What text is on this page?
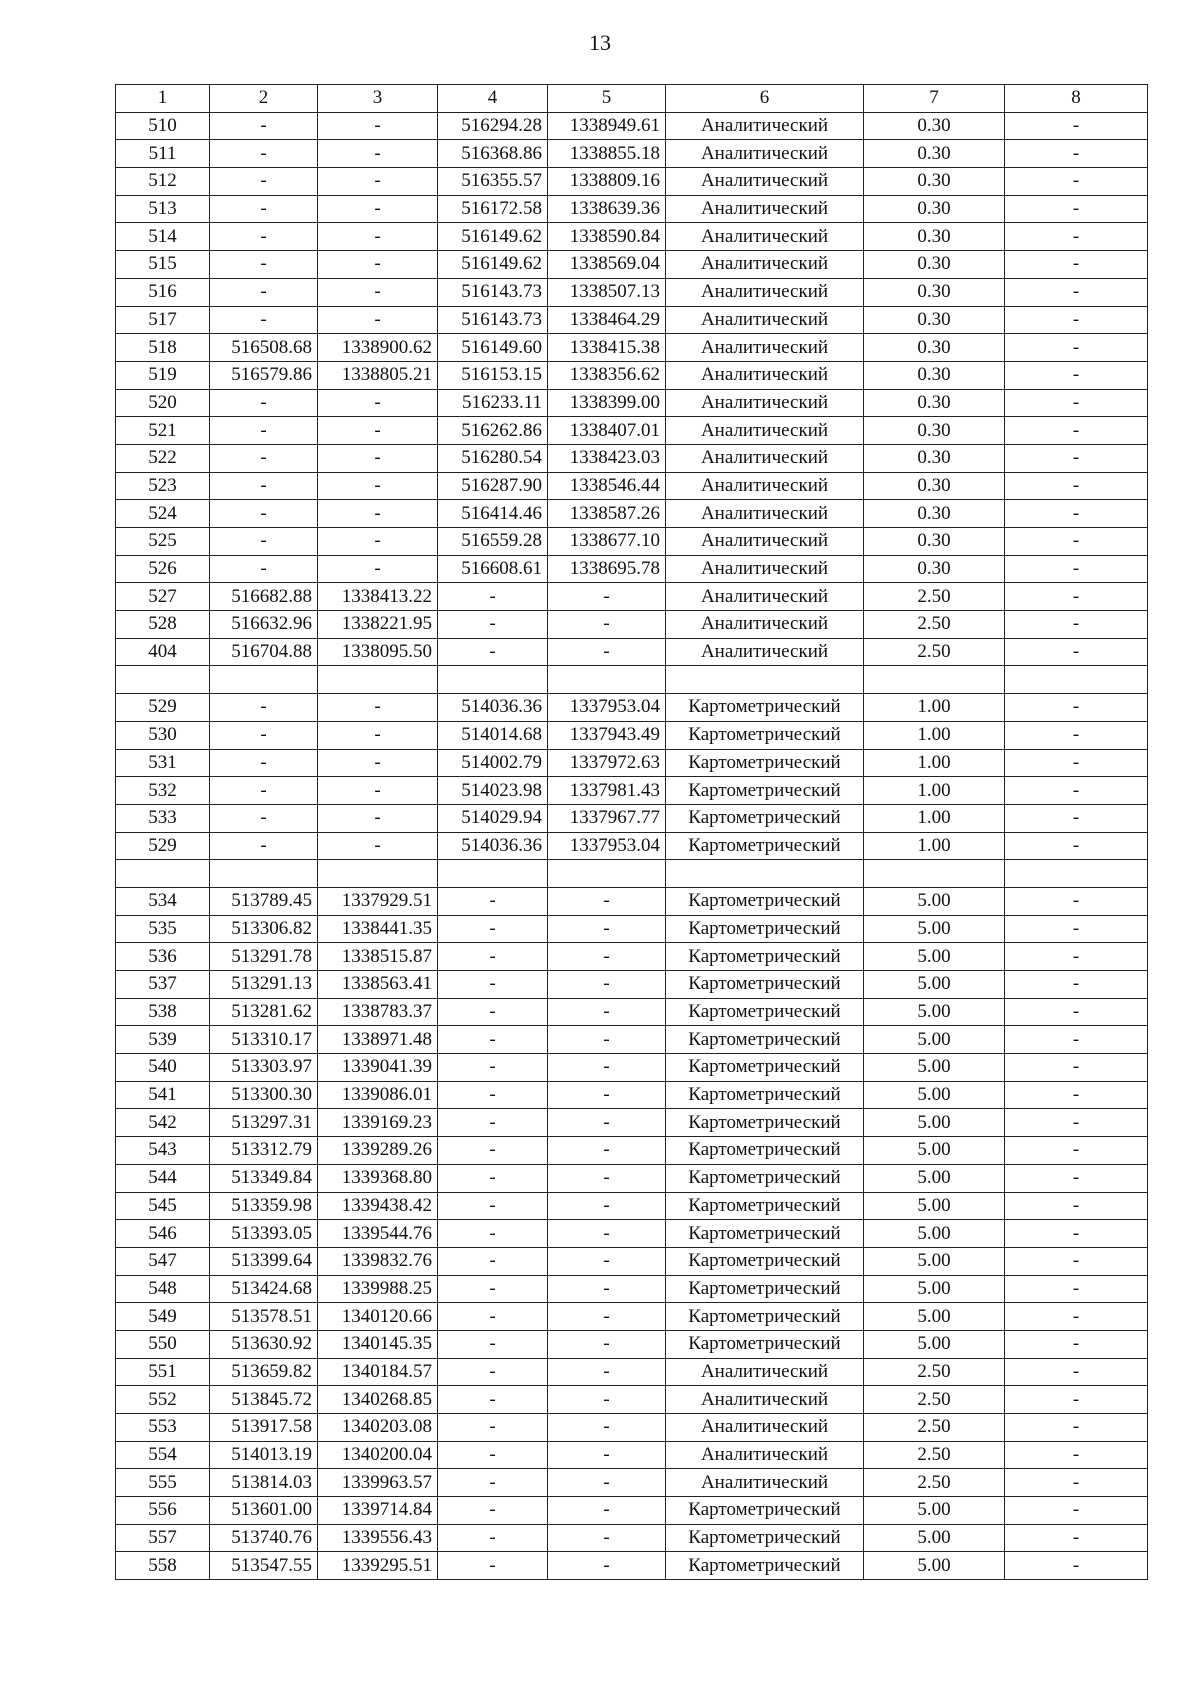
13
1	2	3	4	5	6	7	8
510	-	-	516294.28	1338949.61	Аналитический	0.30	-
511	-	-	516368.86	1338855.18	Аналитический	0.30	-
512	-	-	516355.57	1338809.16	Аналитический	0.30	-
513	-	-	516172.58	1338639.36	Аналитический	0.30	-
514	-	-	516149.62	1338590.84	Аналитический	0.30	-
515	-	-	516149.62	1338569.04	Аналитический	0.30	-
516	-	-	516143.73	1338507.13	Аналитический	0.30	-
517	-	-	516143.73	1338464.29	Аналитический	0.30	-
518	516508.68	1338900.62	516149.60	1338415.38	Аналитический	0.30	-
519	516579.86	1338805.21	516153.15	1338356.62	Аналитический	0.30	-
520	-	-	516233.11	1338399.00	Аналитический	0.30	-
521	-	-	516262.86	1338407.01	Аналитический	0.30	-
522	-	-	516280.54	1338423.03	Аналитический	0.30	-
523	-	-	516287.90	1338546.44	Аналитический	0.30	-
524	-	-	516414.46	1338587.26	Аналитический	0.30	-
525	-	-	516559.28	1338677.10	Аналитический	0.30	-
526	-	-	516608.61	1338695.78	Аналитический	0.30	-
527	516682.88	1338413.22	-	-	Аналитический	2.50	-
528	516632.96	1338221.95	-	-	Аналитический	2.50	-
404	516704.88	1338095.50	-	-	Аналитический	2.50	-

529	-	-	514036.36	1337953.04	Картометрический	1.00	-
530	-	-	514014.68	1337943.49	Картометрический	1.00	-
531	-	-	514002.79	1337972.63	Картометрический	1.00	-
532	-	-	514023.98	1337981.43	Картометрический	1.00	-
533	-	-	514029.94	1337967.77	Картометрический	1.00	-
529	-	-	514036.36	1337953.04	Картометрический	1.00	-

534	513789.45	1337929.51	-	-	Картометрический	5.00	-
535	513306.82	1338441.35	-	-	Картометрический	5.00	-
536	513291.78	1338515.87	-	-	Картометрический	5.00	-
537	513291.13	1338563.41	-	-	Картометрический	5.00	-
538	513281.62	1338783.37	-	-	Картометрический	5.00	-
539	513310.17	1338971.48	-	-	Картометрический	5.00	-
540	513303.97	1339041.39	-	-	Картометрический	5.00	-
541	513300.30	1339086.01	-	-	Картометрический	5.00	-
542	513297.31	1339169.23	-	-	Картометрический	5.00	-
543	513312.79	1339289.26	-	-	Картометрический	5.00	-
544	513349.84	1339368.80	-	-	Картометрический	5.00	-
545	513359.98	1339438.42	-	-	Картометрический	5.00	-
546	513393.05	1339544.76	-	-	Картометрический	5.00	-
547	513399.64	1339832.76	-	-	Картометрический	5.00	-
548	513424.68	1339988.25	-	-	Картометрический	5.00	-
549	513578.51	1340120.66	-	-	Картометрический	5.00	-
550	513630.92	1340145.35	-	-	Картометрический	5.00	-
551	513659.82	1340184.57	-	-	Аналитический	2.50	-
552	513845.72	1340268.85	-	-	Аналитический	2.50	-
553	513917.58	1340203.08	-	-	Аналитический	2.50	-
554	514013.19	1340200.04	-	-	Аналитический	2.50	-
555	513814.03	1339963.57	-	-	Аналитический	2.50	-
556	513601.00	1339714.84	-	-	Картометрический	5.00	-
557	513740.76	1339556.43	-	-	Картометрический	5.00	-
558	513547.55	1339295.51	-	-	Картометрический	5.00	-
